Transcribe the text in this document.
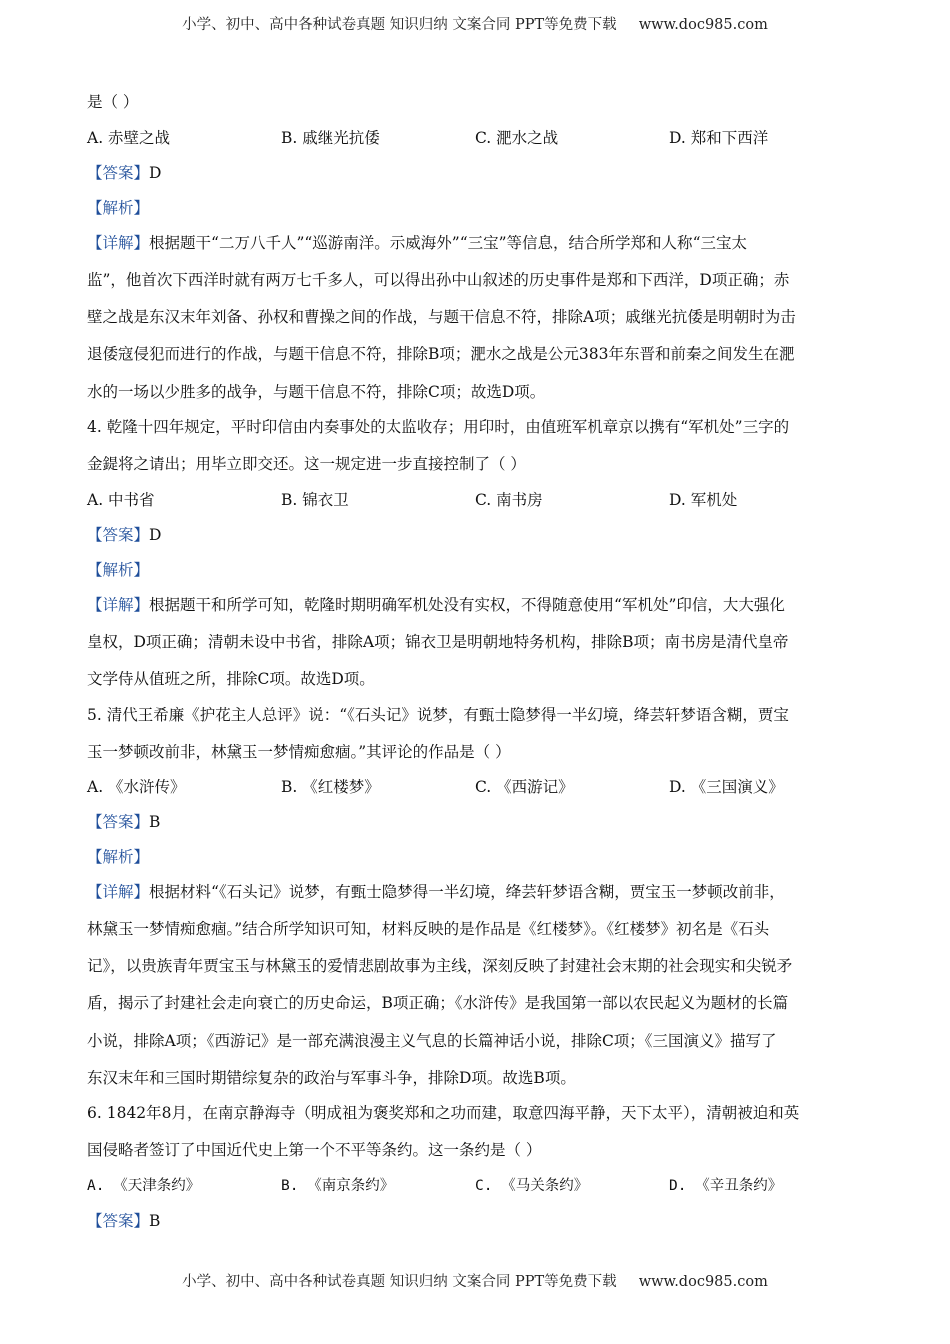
小学、初中、高中各种试卷真题 知识归纳 文案合同 PPT等免费下载 www.doc985.com
是（ ）
A. 赤壁之战	B. 戚继光抗倭	C. 淝水之战	D. 郑和下西洋
【答案】D
【解析】
【详解】根据题干“二万八千人”“巡游南洋。示威海外”“三宝”等信息，结合所学郑和人称“三宝太
监”，他首次下西洋时就有两万七千多人，可以得出孙中山叙述的历史事件是郑和下西洋，D项正确；赤
壁之战是东汉末年刘备、孙权和曹操之间的作战，与题干信息不符，排除A项；戚继光抗倭是明朝时为击
退倭寇侵犯而进行的作战，与题干信息不符，排除B项；淝水之战是公元383年东晋和前秦之间发生在淝
水的一场以少胜多的战争，与题干信息不符，排除C项；故选D项。
4. 乾隆十四年规定，平时印信由内奏事处的太监收存；用印时，由值班军机章京以携有“军机处”三字的
金鍉将之请出；用毕立即交还。这一规定进一步直接控制了（ ）
A. 中书省	B. 锦衣卫	C. 南书房	D. 军机处
【答案】D
【解析】
【详解】根据题干和所学可知，乾隆时期明确军机处没有实权，不得随意使用“军机处”印信，大大强化
皇权，D项正确；清朝未设中书省，排除A项；锦衣卫是明朝地特务机构，排除B项；南书房是清代皇帝
文学侍从值班之所，排除C项。故选D项。
5. 清代王希廉《护花主人总评》说：“《石头记》说梦，有甄士隐梦得一半幻境，绛芸轩梦语含糊，贾宝
玉一梦顿改前非，林黛玉一梦情痴愈痼。”其评论的作品是（ ）
A. 《水浒传》	B. 《红楼梦》	C. 《西游记》	D. 《三国演义》
【答案】B
【解析】
【详解】根据材料“《石头记》说梦，有甄士隐梦得一半幻境，绛芸轩梦语含糊，贾宝玉一梦顿改前非，
林黛玉一梦情痴愈痼。”结合所学知识可知，材料反映的是作品是《红楼梦》。《红楼梦》初名是《石头
记》，以贵族青年贾宝玉与林黛玉的爱情悲剧故事为主线，深刻反映了封建社会末期的社会现实和尖锐矛
盾，揭示了封建社会走向衰亡的历史命运，B项正确；《水浒传》是我国第一部以农民起义为题材的长篇
小说，排除A项；《西游记》是一部充满浪漫主义气息的长篇神话小说，排除C项；《三国演义》描写了
东汉末年和三国时期错综复杂的政治与军事斗争，排除D项。故选B项。
6. 1842年8月，在南京静海寺（明成祖为褒奖郑和之功而建，取意四海平静，天下太平），清朝被迫和英
国侵略者签订了中国近代史上第一个不平等条约。这一条约是（ ）
A. 《天津条约》	B. 《南京条约》	C. 《马关条约》	D. 《辛丑条约》
【答案】B
小学、初中、高中各种试卷真题 知识归纳 文案合同 PPT等免费下载 www.doc985.com
